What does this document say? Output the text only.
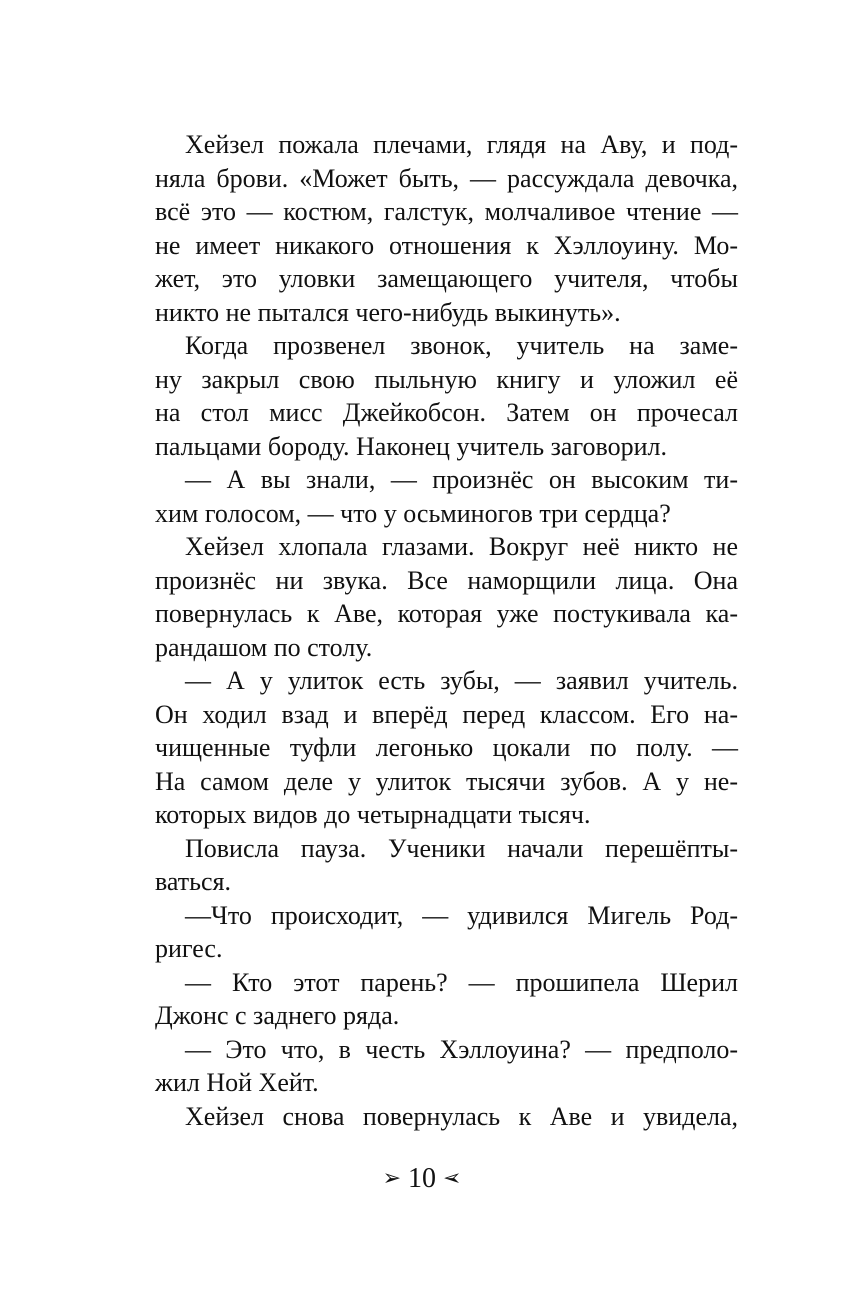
Хейзел пожала плечами, глядя на Аву, и под-
няла брови. «Может быть, — рассуждала девочка,
всё это — костюм, галстук, молчаливое чтение —
не имеет никакого отношения к Хэллоуину. Мо-
жет, это уловки замещающего учителя, чтобы
никто не пытался чего-нибудь выкинуть».

Когда прозвенел звонок, учитель на заме-
ну закрыл свою пыльную книгу и уложил её
на стол мисс Джейкобсон. Затем он прочесал
пальцами бороду. Наконец учитель заговорил.

— А вы знали, — произнёс он высоким ти-
хим голосом, — что у осьминогов три сердца?

Хейзел хлопала глазами. Вокруг неё никто не
произнёс ни звука. Все наморщили лица. Она
повернулась к Аве, которая уже постукивала ка-
рандашом по столу.

— А у улиток есть зубы, — заявил учитель.
Он ходил взад и вперёд перед классом. Его на-
чищенные туфли легонько цокали по полу. —
На самом деле у улиток тысячи зубов. А у не-
которых видов до четырнадцати тысяч.

Повисла пауза. Ученики начали перешёпты-
ваться.

—Что происходит, — удивился Мигель Род-
ригес.

— Кто этот парень? — прошипела Шерил
Джонс с заднего ряда.

— Это что, в честь Хэллоуина? — предполо-
жил Ной Хейт.

Хейзел снова повернулась к Аве и увидела,

➢ 10 ➢
